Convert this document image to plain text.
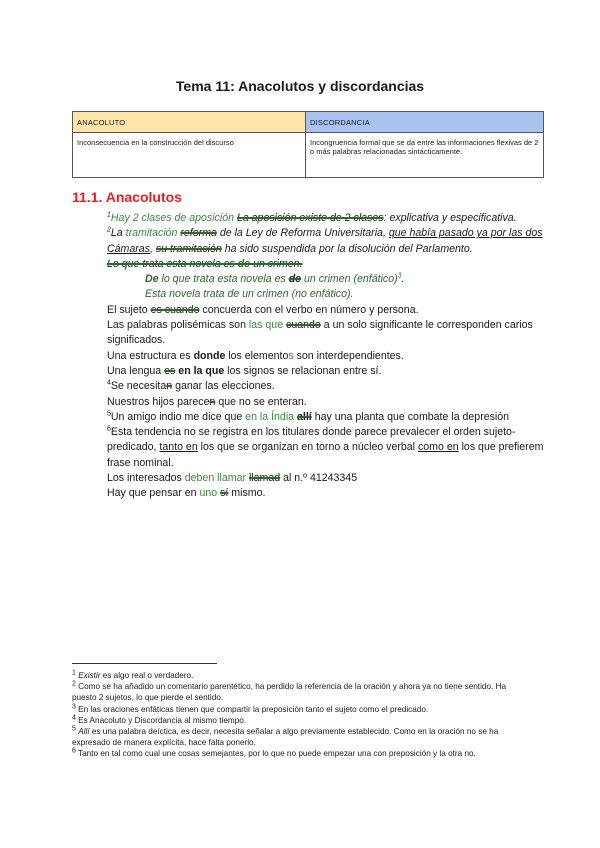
Tema 11: Anacolutos y discordancias
ANACOLUTO	DISCORDANCIA
Inconsecuencia en la construcción del discurso	Incongruencia formal que se da entre las informaciones flexivas de 2 o más palabras relacionadas sintácticamente.
11.1. Anacolutos

$^1$Hay 2 clases de aposición La aposición existe de 2 clases: explicativa y especificativa.

$^2$La tramitación reforma de la Ley de Reforma Universitaria, que había pasado ya por las dos Cámaras, su tramitación ha sido suspendida por la disolución del Parlamento.

Lo que trata esta novela es de un crimen.

De lo que trata esta novela es de un crimen (enfático)$^3$.

Esta novela trata de un crimen (no enfático).

El sujeto es cuando concuerda con el verbo en número y persona.

Las palabras polisémicas son las que cuando a un solo significante le corresponden carios significados.

Una estructura es donde los elementos son interdependientes.

Una lengua es en la que los signos se relacionan entre sí.

$^4$Se necesitan ganar las elecciones.

Nuestros hijos parecen que no se enteran.

$^5$Un amigo indio me dice que en la Índia allí hay una planta que combate la depresión

$^6$Esta tendencia no se registra en los titulares donde parece prevalecer el orden sujeto-predicado, tanto en los que se organizan en torno a núcleo verbal como en los que prefierem frase nominal.

Los interesados deben llamar llamad al n.º 41243345

Hay que pensar en uno sí mismo.

$^1$ Existir es algo real o verdadero.

$^2$ Como se ha añadido un comentario parentético, ha perdido la referencia de la oración y ahora ya no tiene sentido. Ha puesto 2 sujetos, lo que pierde el sentido.

$^3$ En las oraciones enfáticas tienen que compartir la preposición tanto el sujeto como el predicado.

$^4$ Es Anacoluto y Discordancia al mismo tiempo.

$^5$ Allí es una palabra deíctica, es decir, necesita señalar a algo previamente establecido. Como en la oración no se ha expresado de manera explícita, hace falta ponerlo.

$^6$ Tanto en tal como cual une cosas semejantes, por lo que no puede empezar una con preposición y la otra no.
